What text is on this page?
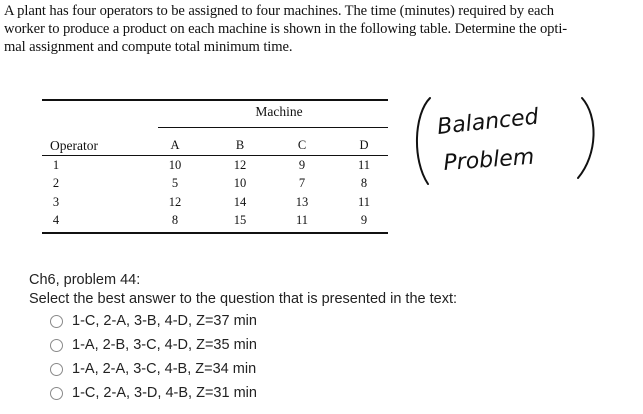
A plant has four operators to be assigned to four machines. The time (minutes) required by each
worker to produce a product on each machine is shown in the following table. Determine the opti-
mal assignment and compute total minimum time.
Machine
Operator	A	B	C	D
1	10	12	9	11
2	5	10	7	8
3	12	14	13	11
4	8	15	11	9
Balanced
Problem
Ch6, problem 44:
Select the best answer to the question that is presented in the text:
1-C, 2-A, 3-B, 4-D, Z=37 min
1-A, 2-B, 3-C, 4-D, Z=35 min
1-A, 2-A, 3-C, 4-B, Z=34 min
1-C, 2-A, 3-D, 4-B, Z=31 min
